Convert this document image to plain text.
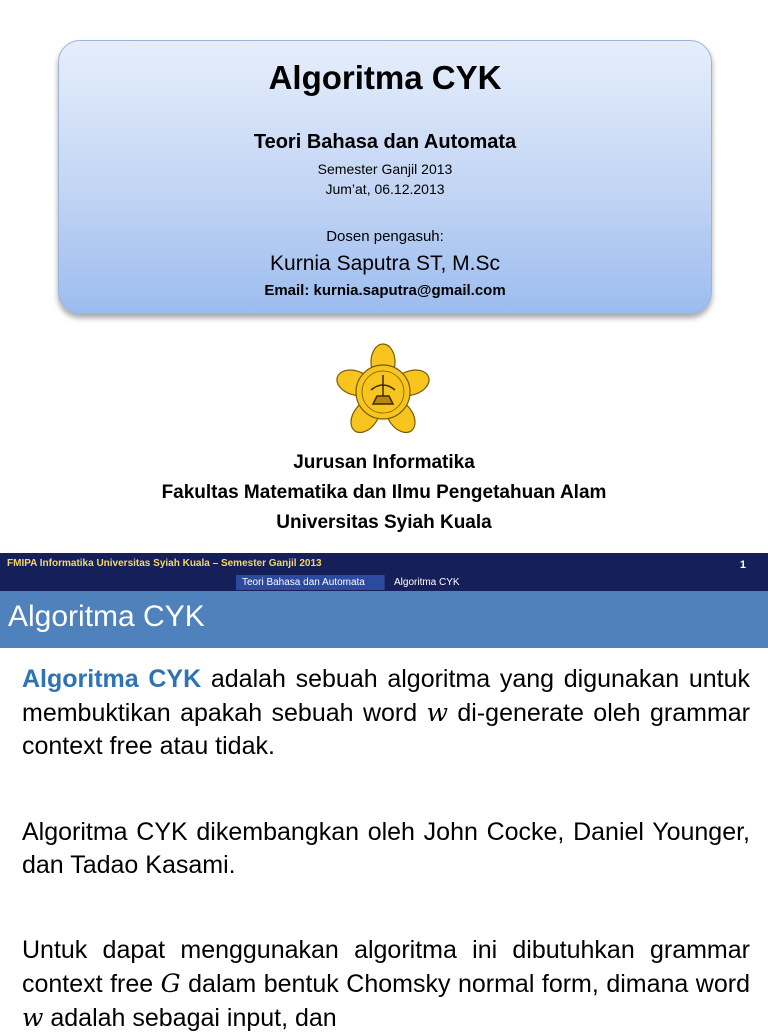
Algoritma CYK
Teori Bahasa dan Automata
Semester Ganjil 2013
Jum’at, 06.12.2013
Dosen pengasuh:
Kurnia Saputra ST, M.Sc
Email: kurnia.saputra@gmail.com
Jurusan Informatika
Fakultas Matematika dan Ilmu Pengetahuan Alam
Universitas Syiah Kuala
FMIPA Informatika Universitas Syiah Kuala – Semester Ganjil 2013	1
Teori Bahasa dan Automata	Algoritma CYK
Algoritma CYK
Algoritma CYK adalah sebuah algoritma yang digunakan untuk membuktikan apakah sebuah word w di-generate oleh grammar context free atau tidak.
Algoritma CYK dikembangkan oleh John Cocke, Daniel Younger, dan Tadao Kasami.
Untuk dapat menggunakan algoritma ini dibutuhkan grammar context free G dalam bentuk Chomsky normal form, dimana word w adalah sebagai input, dan
